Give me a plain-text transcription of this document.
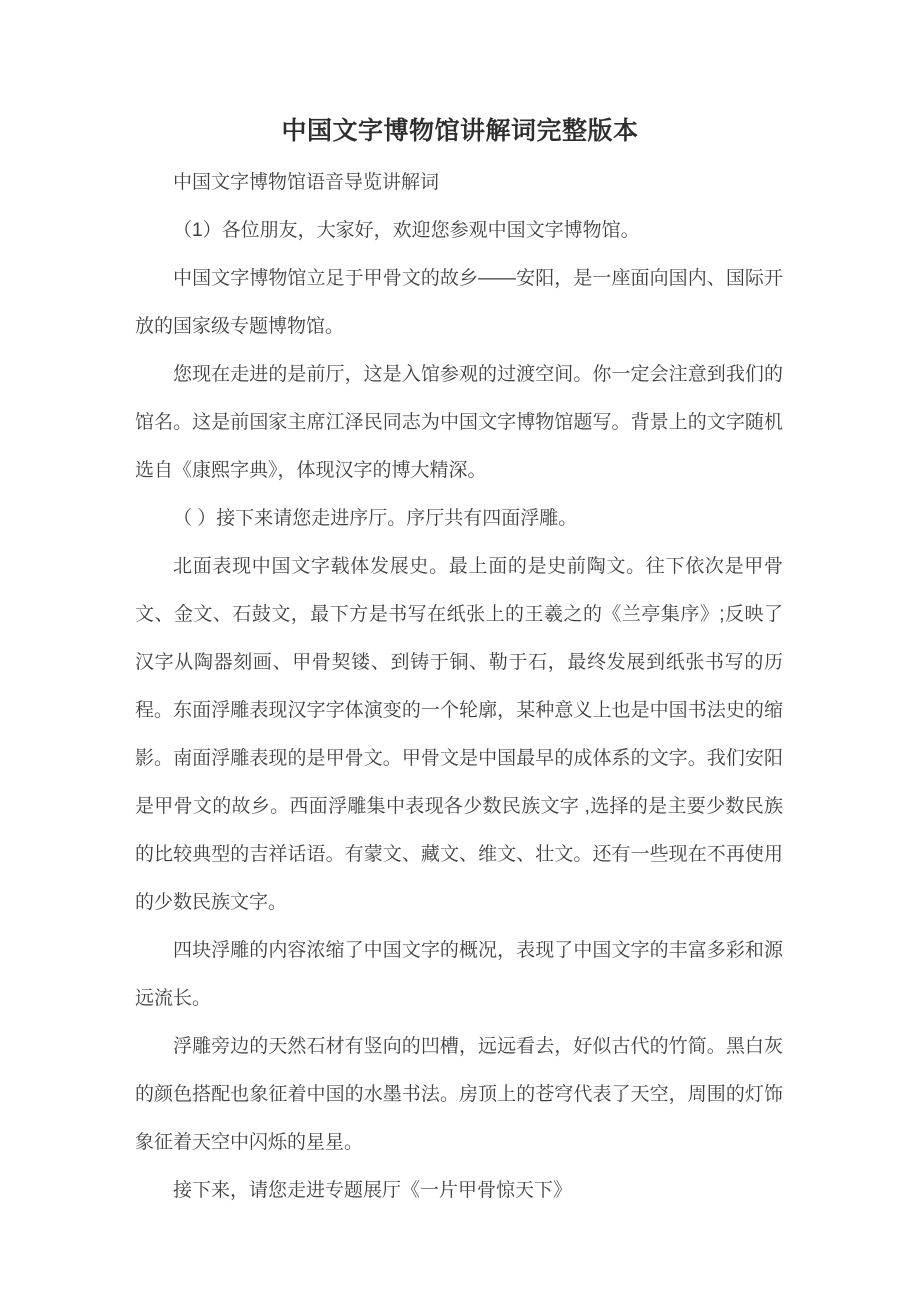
中国文字博物馆讲解词完整版本

中国文字博物馆语音导览讲解词

（1）各位朋友，大家好，欢迎您参观中国文字博物馆。

中国文字博物馆立足于甲骨文的故乡——安阳，是一座面向国内、国际开放的国家级专题博物馆。

您现在走进的是前厅，这是入馆参观的过渡空间。你一定会注意到我们的馆名。这是前国家主席江泽民同志为中国文字博物馆题写。背景上的文字随机选自《康熙字典》，体现汉字的博大精深。

（ ）接下来请您走进序厅。序厅共有四面浮雕。

北面表现中国文字载体发展史。最上面的是史前陶文。往下依次是甲骨文、金文、石鼓文，最下方是书写在纸张上的王羲之的《兰亭集序》;反映了汉字从陶器刻画、甲骨契镂、到铸于铜、勒于石，最终发展到纸张书写的历程。东面浮雕表现汉字字体演变的一个轮廓，某种意义上也是中国书法史的缩影。南面浮雕表现的是甲骨文。甲骨文是中国最早的成体系的文字。我们安阳是甲骨文的故乡。西面浮雕集中表现各少数民族文字 ,选择的是主要少数民族的比较典型的吉祥话语。有蒙文、藏文、维文、壮文。还有一些现在不再使用的少数民族文字。

四块浮雕的内容浓缩了中国文字的概况，表现了中国文字的丰富多彩和源远流长。

浮雕旁边的天然石材有竖向的凹槽，远远看去，好似古代的竹简。黑白灰的颜色搭配也象征着中国的水墨书法。房顶上的苍穹代表了天空，周围的灯饰象征着天空中闪烁的星星。

接下来，请您走进专题展厅《一片甲骨惊天下》
